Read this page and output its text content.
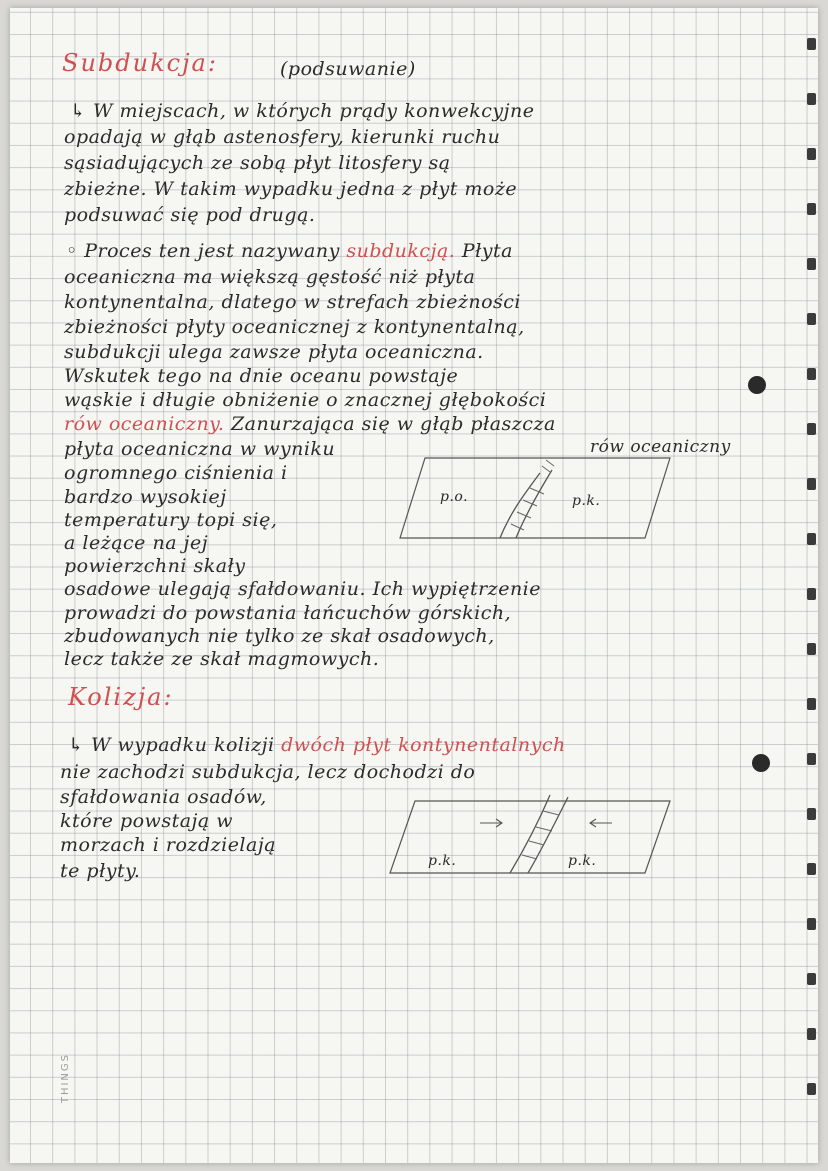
Subdukcja:	(podsuwanie)
↳ W miejscach, w których prądy konwekcyjne
opadają w głąb astenosfery, kierunki ruchu
sąsiadujących ze sobą płyt litosfery są
zbieżne. W takim wypadku jedna z płyt może
podsuwać się pod drugą.
◦ Proces ten jest nazywany subdukcją. Płyta
oceaniczna ma większą gęstość niż płyta
kontynentalna, dlatego w strefach zbieżności
zbieżności płyty oceanicznej z kontynentalną,
subdukcji ulega zawsze płyta oceaniczna.
Wskutek tego na dnie oceanu powstaje
wąskie i długie obniżenie o znacznej głębokości
rów oceaniczny. Zanurzająca się w głąb płaszcza
płyta oceaniczna w wyniku
ogromnego ciśnienia i
bardzo wysokiej
temperatury topi się,
a leżące na jej
powierzchni skały
osadowe ulegają sfałdowaniu. Ich wypiętrzenie
prowadzi do powstania łańcuchów górskich,
zbudowanych nie tylko ze skał osadowych,
lecz także ze skał magmowych.
rów oceaniczny
p.o.	p.k.
Kolizja:
↳ W wypadku kolizji dwóch płyt kontynentalnych
nie zachodzi subdukcja, lecz dochodzi do
sfałdowania osadów,
które powstają w
morzach i rozdzielają
te płyty.	p.k.	p.k.
THINGS
